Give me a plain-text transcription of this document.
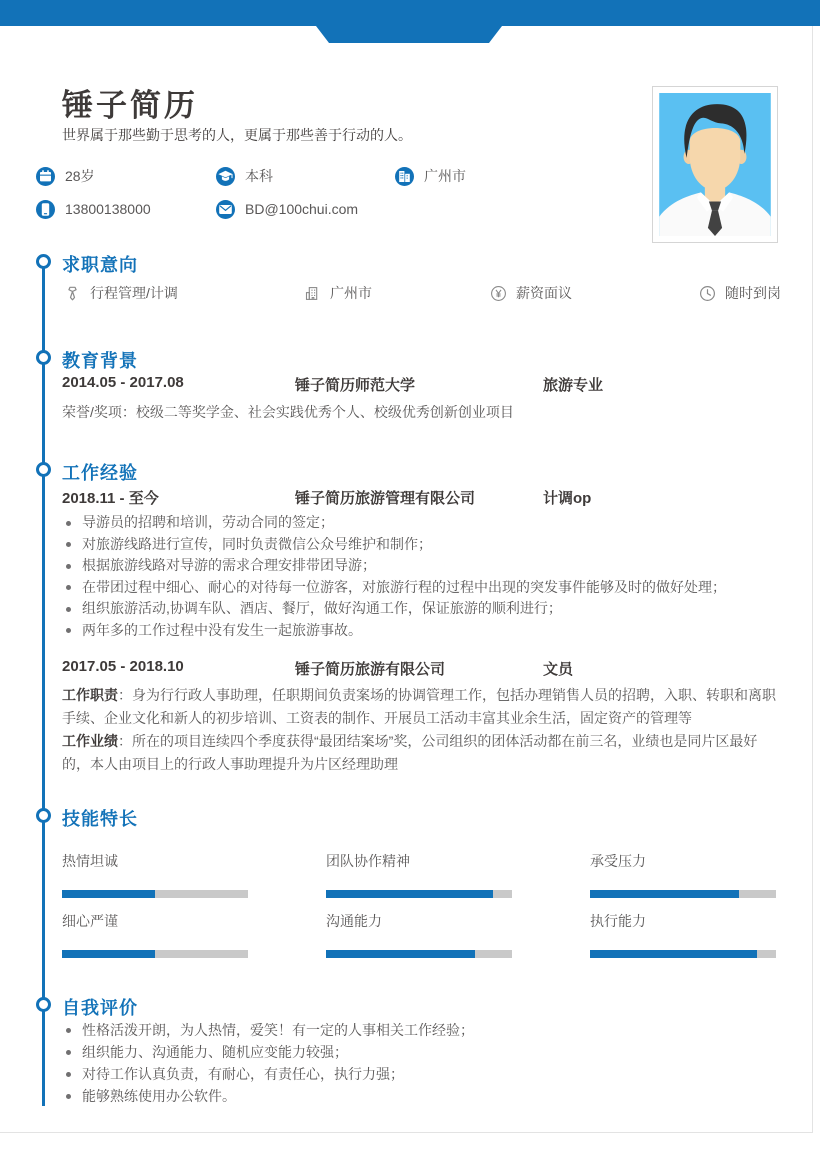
锤子简历
世界属于那些勤于思考的人，更属于那些善于行动的人。
28岁	本科	广州市
13800138000	BD@100chui.com
求职意向
行程管理/计调	广州市	薪资面议	随时到岗
教育背景
2014.05 - 2017.08	锤子简历师范大学	旅游专业
荣誉/奖项：校级二等奖学金、社会实践优秀个人、校级优秀创新创业项目
工作经验
2018.11 - 至今	锤子简历旅游管理有限公司	计调op
导游员的招聘和培训，劳动合同的签定；
对旅游线路进行宣传，同时负责微信公众号维护和制作；
根据旅游线路对导游的需求合理安排带团导游；
在带团过程中细心、耐心的对待每一位游客，对旅游行程的过程中出现的突发事件能够及时的做好处理；
组织旅游活动,协调车队、酒店、餐厅，做好沟通工作，保证旅游的顺利进行；
两年多的工作过程中没有发生一起旅游事故。
2017.05 - 2018.10	锤子简历旅游有限公司	文员

工作职责：身为行行政人事助理，任职期间负责案场的协调管理工作，包括办理销售人员的招聘，入职、转职和离职手续、企业文化和新人的初步培训、工资表的制作、开展员工活动丰富其业余生活，固定资产的管理等

工作业绩：所在的项目连续四个季度获得“最团结案场”奖，公司组织的团体活动都在前三名，业绩也是同片区最好的，本人由项目上的行政人事助理提升为片区经理助理

技能特长
热情坦诚	团队协作精神	承受压力
细心严谨	沟通能力	执行能力
自我评价
性格活泼开朗，为人热情，爱笑！有一定的人事相关工作经验；
组织能力、沟通能力、随机应变能力较强；
对待工作认真负责，有耐心，有责任心，执行力强；
能够熟练使用办公软件。
